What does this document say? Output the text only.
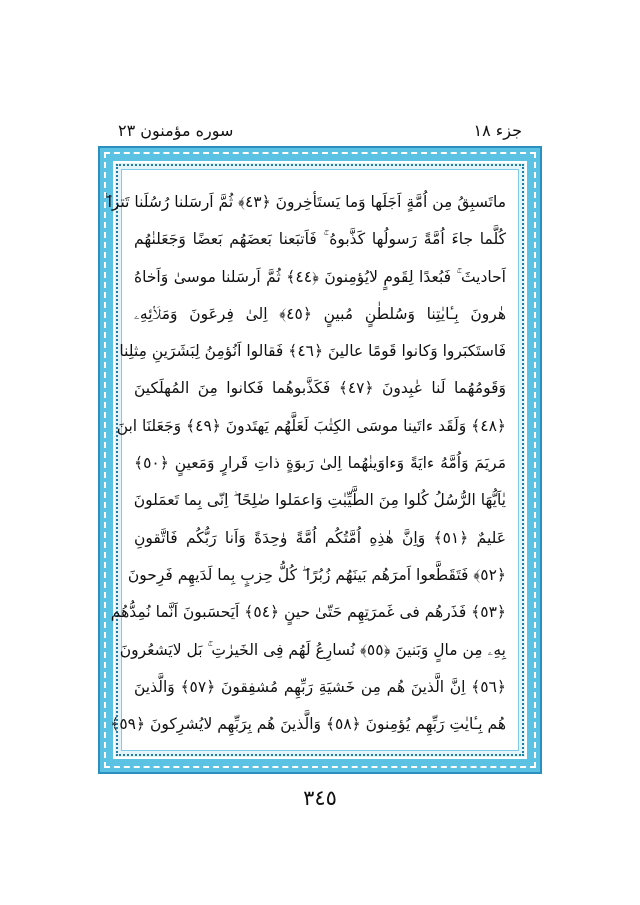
جزء ١٨
سوره مؤمنون ٢٣
ماتَسبِقُ مِن اُمَّةٍ اَجَلَها وَما يَستَأخِرونَ ﴿٤٣﴾ ثُمَّ اَرسَلنا رُسُلَنا تَترا ۖ
كُلَّما جاءَ اُمَّةً رَسولُها كَذَّبوهُ ۚ فَاَتبَعنا بَعضَهُم بَعضًا وَجَعَلنٰهُم
اَحاديثَ ۚ فَبُعدًا لِقَومٍ لايُؤمِنونَ ﴿٤٤﴾ ثُمَّ اَرسَلنا موسىٰ وَاَخاهُ
هٰرونَ بِـٔايٰتِنا وَسُلطٰنٍ مُبينٍ ﴿٤٥﴾ اِلىٰ فِرعَونَ وَمَلَا۟ئِهِۦ
فَاستَكبَروا وَكانوا قَومًا عالينَ ﴿٤٦﴾ فَقالوا اَنُؤمِنُ لِبَشَرَينِ مِثلِنا
وَقَومُهُما لَنا عٰبِدونَ ﴿٤٧﴾ فَكَذَّبوهُما فَكانوا مِنَ المُهلَكينَ
﴿٤٨﴾ وَلَقَد ءاتَينا موسَى الكِتٰبَ لَعَلَّهُم يَهتَدونَ ﴿٤٩﴾ وَجَعَلنَا ابنَ
مَريَمَ وَاُمَّهُ ءايَةً وَءاوَينٰهُما اِلىٰ رَبوَةٍ ذاتِ قَرارٍ وَمَعينٍ ﴿٥٠﴾
يٰاَيُّهَا الرُّسُلُ كُلوا مِنَ الطَّيِّبٰتِ وَاعمَلوا صٰلِحًا ۖ اِنّى بِما تَعمَلونَ
عَليمٌ ﴿٥١﴾ وَاِنَّ هٰذِهِ اُمَّتُكُم اُمَّةً وٰحِدَةً وَاَنا رَبُّكُم فَاتَّقونِ
﴿٥٢﴾ فَتَقَطَّعوا اَمرَهُم بَينَهُم زُبُرًا ۖ كُلُّ حِزبٍ بِما لَدَيهِم فَرِحونَ
﴿٥٣﴾ فَذَرهُم فى غَمرَتِهِم حَتّىٰ حينٍ ﴿٥٤﴾ اَيَحسَبونَ اَنَّما نُمِدُّهُم
بِهِۦ مِن مالٍ وَبَنينَ ﴿٥٥﴾ نُسارِعُ لَهُم فِى الخَيرٰتِ ۚ بَل لايَشعُرونَ
﴿٥٦﴾ اِنَّ الَّذينَ هُم مِن خَشيَةِ رَبِّهِم مُشفِقونَ ﴿٥٧﴾ وَالَّذينَ
هُم بِـٔايٰتِ رَبِّهِم يُؤمِنونَ ﴿٥٨﴾ وَالَّذينَ هُم بِرَبِّهِم لايُشرِكونَ ﴿٥٩﴾
٣٤٥
